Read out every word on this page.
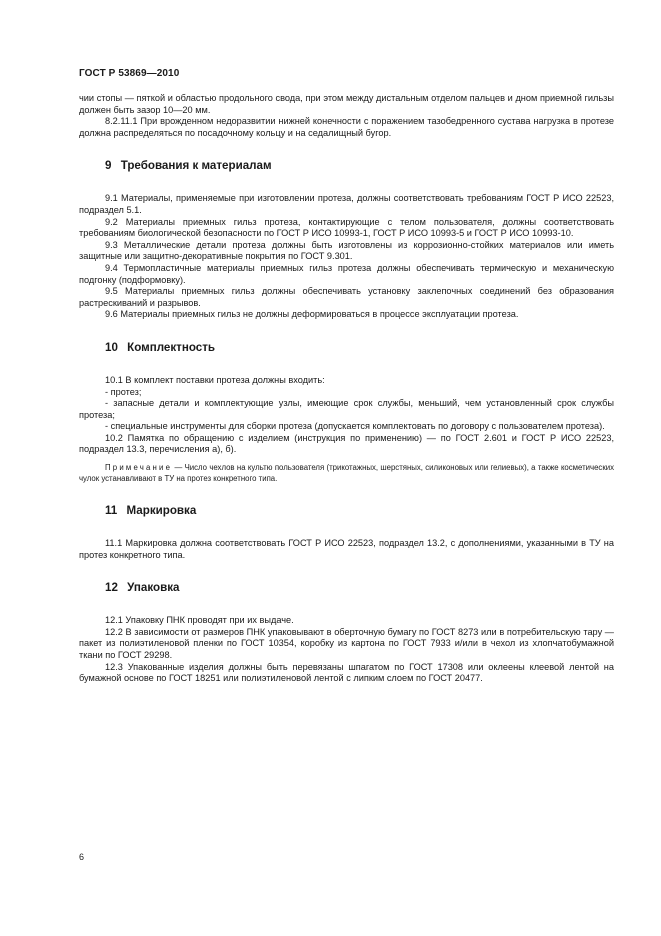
ГОСТ Р 53869—2010

чии стопы — пяткой и областью продольного свода, при этом между дистальным отделом пальцев и дном приемной гильзы должен быть зазор 10—20 мм.

8.2.11.1 При врожденном недоразвитии нижней конечности с поражением тазобедренного сустава нагрузка в протезе должна распределяться по посадочному кольцу и на седалищный бугор.

9 Требования к материалам

9.1 Материалы, применяемые при изготовлении протеза, должны соответствовать требованиям ГОСТ Р ИСО 22523, подраздел 5.1.

9.2 Материалы приемных гильз протеза, контактирующие с телом пользователя, должны соответствовать требованиям биологической безопасности по ГОСТ Р ИСО 10993-1, ГОСТ Р ИСО 10993-5 и ГОСТ Р ИСО 10993-10.

9.3 Металлические детали протеза должны быть изготовлены из коррозионно-стойких материалов или иметь защитные или защитно-декоративные покрытия по ГОСТ 9.301.

9.4 Термопластичные материалы приемных гильз протеза должны обеспечивать термическую и механическую подгонку (подформовку).

9.5 Материалы приемных гильз должны обеспечивать установку заклепочных соединений без образования растрескиваний и разрывов.

9.6 Материалы приемных гильз не должны деформироваться в процессе эксплуатации протеза.

10 Комплектность

10.1 В комплект поставки протеза должны входить:

- протез;

- запасные детали и комплектующие узлы, имеющие срок службы, меньший, чем установленный срок службы протеза;

- специальные инструменты для сборки протеза (допускается комплектовать по договору с пользователем протеза).

10.2 Памятка по обращению с изделием (инструкция по применению) — по ГОСТ 2.601 и ГОСТ Р ИСО 22523, подраздел 13.3, перечисления а), б).

Примечание — Число чехлов на культю пользователя (трикотажных, шерстяных, силиконовых или гелиевых), а также косметических чулок устанавливают в ТУ на протез конкретного типа.

11 Маркировка

11.1 Маркировка должна соответствовать ГОСТ Р ИСО 22523, подраздел 13.2, с дополнениями, указанными в ТУ на протез конкретного типа.

12 Упаковка

12.1 Упаковку ПНК проводят при их выдаче.

12.2 В зависимости от размеров ПНК упаковывают в оберточную бумагу по ГОСТ 8273 или в потребительскую тару — пакет из полиэтиленовой пленки по ГОСТ 10354, коробку из картона по ГОСТ 7933 и/или в чехол из хлопчатобумажной ткани по ГОСТ 29298.

12.3 Упакованные изделия должны быть перевязаны шпагатом по ГОСТ 17308 или оклеены клеевой лентой на бумажной основе по ГОСТ 18251 или полиэтиленовой лентой с липким слоем по ГОСТ 20477.

6
